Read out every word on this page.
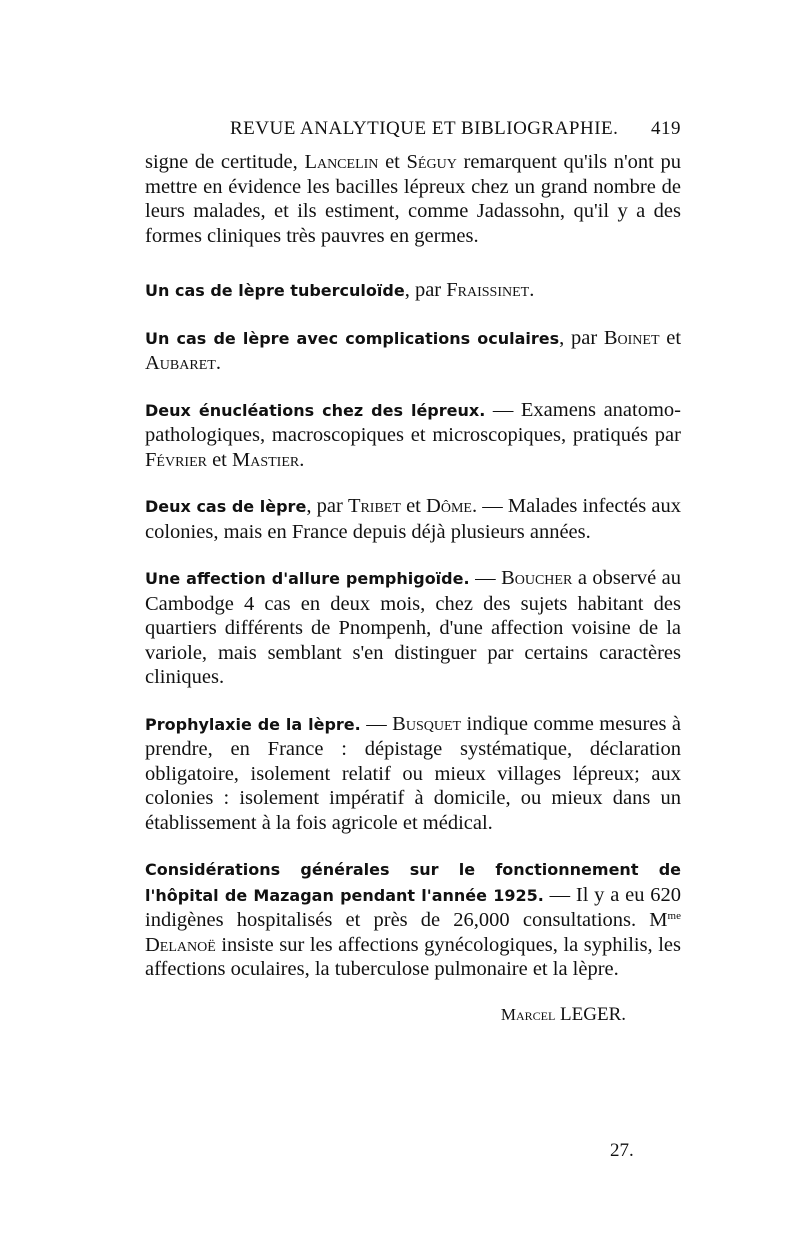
REVUE ANALYTIQUE ET BIBLIOGRAPHIE. 419

signe de certitude, Lancelin et Séguy remarquent qu'ils n'ont pu mettre en évidence les bacilles lépreux chez un grand nombre de leurs malades, et ils estiment, comme Jadassohn, qu'il y a des formes cliniques très pauvres en germes.

Un cas de lèpre tuberculoïde, par Fraissinet.

Un cas de lèpre avec complications oculaires, par Boinet et Aubaret.

Deux énucléations chez des lépreux. — Examens anatomo-pathologiques, macroscopiques et microscopiques, pratiqués par Février et Mastier.

Deux cas de lèpre, par Tribet et Dôme. — Malades infectés aux colonies, mais en France depuis déjà plusieurs années.

Une affection d'allure pemphigoïde. — Boucher a observé au Cambodge 4 cas en deux mois, chez des sujets habitant des quartiers différents de Pnompenh, d'une affection voisine de la variole, mais semblant s'en distinguer par certains caractères cliniques.

Prophylaxie de la lèpre. — Busquet indique comme mesures à prendre, en France : dépistage systématique, déclaration obligatoire, isolement relatif ou mieux villages lépreux; aux colonies : isolement impératif à domicile, ou mieux dans un établissement à la fois agricole et médical.

Considérations générales sur le fonctionnement de l'hôpital de Mazagan pendant l'année 1925. — Il y a eu 620 indigènes hospitalisés et près de 26,000 consultations. $M^{me}$ Delanoë insiste sur les affections gynécologiques, la syphilis, les affections oculaires, la tuberculose pulmonaire et la lèpre.

Marcel LEGER.
27.
